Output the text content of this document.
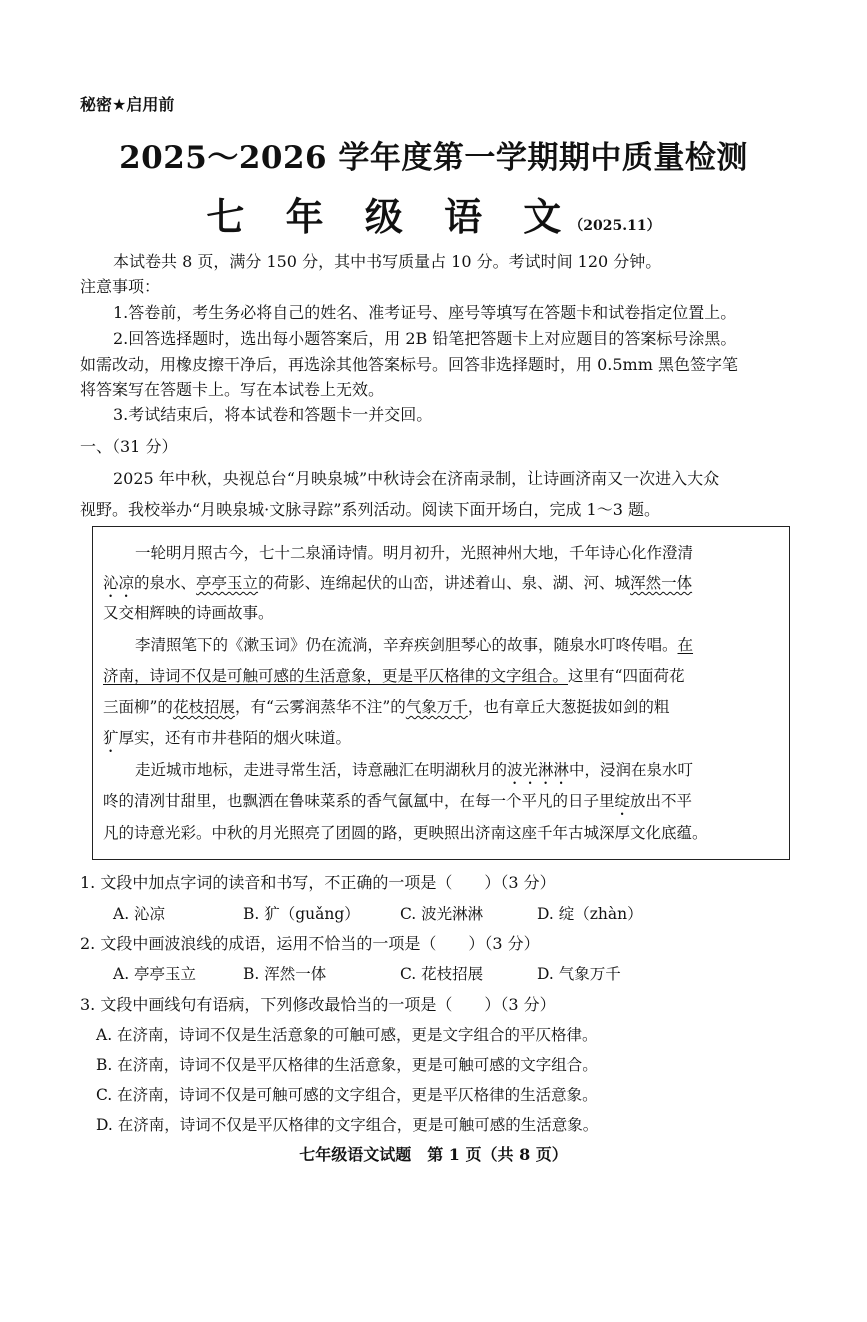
秘密★启用前
2025～2026 学年度第一学期期中质量检测
七 年 级 语 文（2025.11）
本试卷共 8 页，满分 150 分，其中书写质量占 10 分。考试时间 120 分钟。
注意事项：
1.答卷前，考生务必将自己的姓名、准考证号、座号等填写在答题卡和试卷指定位置上。
2.回答选择题时，选出每小题答案后，用 2B 铅笔把答题卡上对应题目的答案标号涂黑。
如需改动，用橡皮擦干净后，再选涂其他答案标号。回答非选择题时，用 0.5mm 黑色签字笔
将答案写在答题卡上。写在本试卷上无效。
3.考试结束后，将本试卷和答题卡一并交回。
一、（31 分）
2025 年中秋，央视总台“月映泉城”中秋诗会在济南录制，让诗画济南又一次进入大众
视野。我校举办“月映泉城·文脉寻踪”系列活动。阅读下面开场白，完成 1～3 题。
一轮明月照古今，七十二泉涌诗情。明月初升，光照神州大地，千年诗心化作澄清
沁凉的泉水、亭亭玉立的荷影、连绵起伏的山峦，讲述着山、泉、湖、河、城浑然一体
又交相辉映的诗画故事。
李清照笔下的《漱玉词》仍在流淌，辛弃疾剑胆琴心的故事，随泉水叮咚传唱。在
济南，诗词不仅是可触可感的生活意象，更是平仄格律的文字组合。这里有“四面荷花
三面柳”的花枝招展，有“云雾润蒸华不注”的气象万千，也有章丘大葱挺拔如剑的粗
犷厚实，还有市井巷陌的烟火味道。
走近城市地标，走进寻常生活，诗意融汇在明湖秋月的波光淋淋中，浸润在泉水叮
咚的清冽甘甜里，也飘洒在鲁味菜系的香气氤氲中，在每一个平凡的日子里绽放出不平
凡的诗意光彩。中秋的月光照亮了团圆的路，更映照出济南这座千年古城深厚文化底蕴。
1. 文段中加点字词的读音和书写，不正确的一项是（　　）（3 分）
A. 沁凉	B. 犷（guǎng）	C. 波光淋淋	D. 绽（zhàn）
2. 文段中画波浪线的成语，运用不恰当的一项是（　　）（3 分）
A. 亭亭玉立	B. 浑然一体	C. 花枝招展	D. 气象万千
3. 文段中画线句有语病，下列修改最恰当的一项是（　　）（3 分）
A. 在济南，诗词不仅是生活意象的可触可感，更是文字组合的平仄格律。
B. 在济南，诗词不仅是平仄格律的生活意象，更是可触可感的文字组合。
C. 在济南，诗词不仅是可触可感的文字组合，更是平仄格律的生活意象。
D. 在济南，诗词不仅是平仄格律的文字组合，更是可触可感的生活意象。
七年级语文试题　第 1 页（共 8 页）
